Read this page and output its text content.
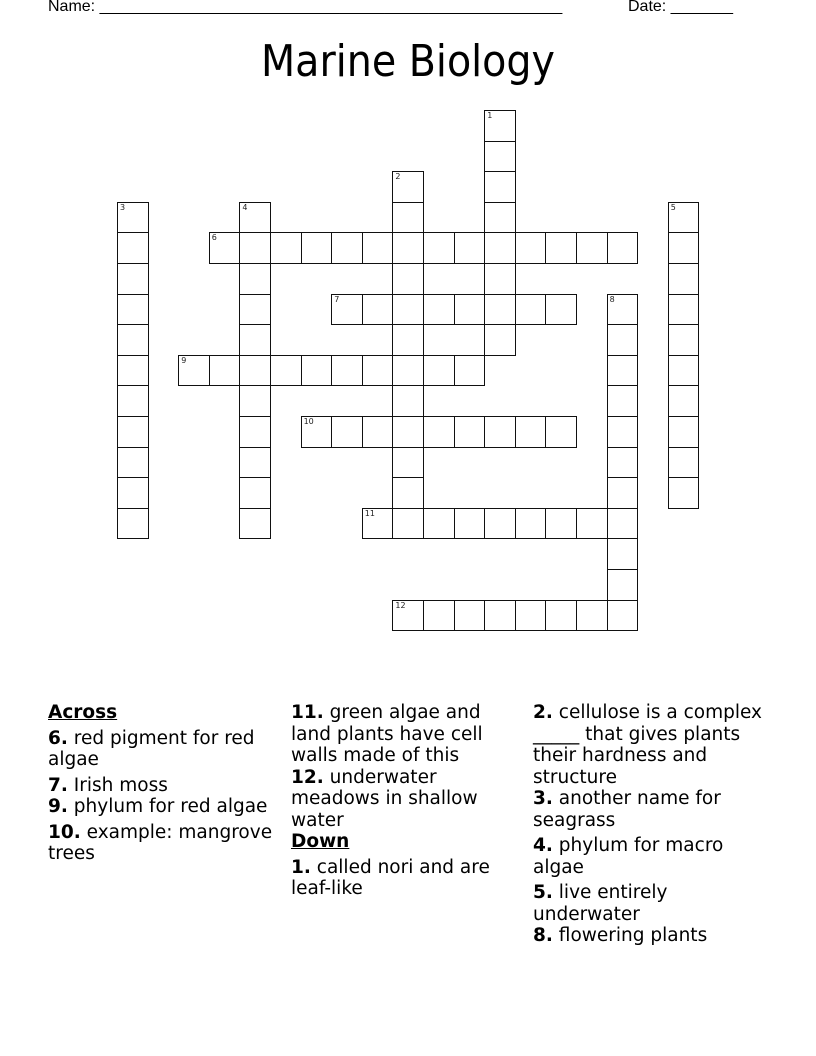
Name: ____________________________________________________

	Date: _______

Marine Biology
1
2
3	4	5
6
7	8
9
10
11
12
Across
6. red pigment for red algae
7. Irish moss
9. phylum for red algae
10. example: mangrove trees
11. green algae and land plants have cell walls made of this
12. underwater meadows in shallow water
Down
1. called nori and are leaf-like
2. cellulose is a complex _____ that gives plants their hardness and structure
3. another name for seagrass
4. phylum for macro algae
5. live entirely underwater
8. flowering plants
